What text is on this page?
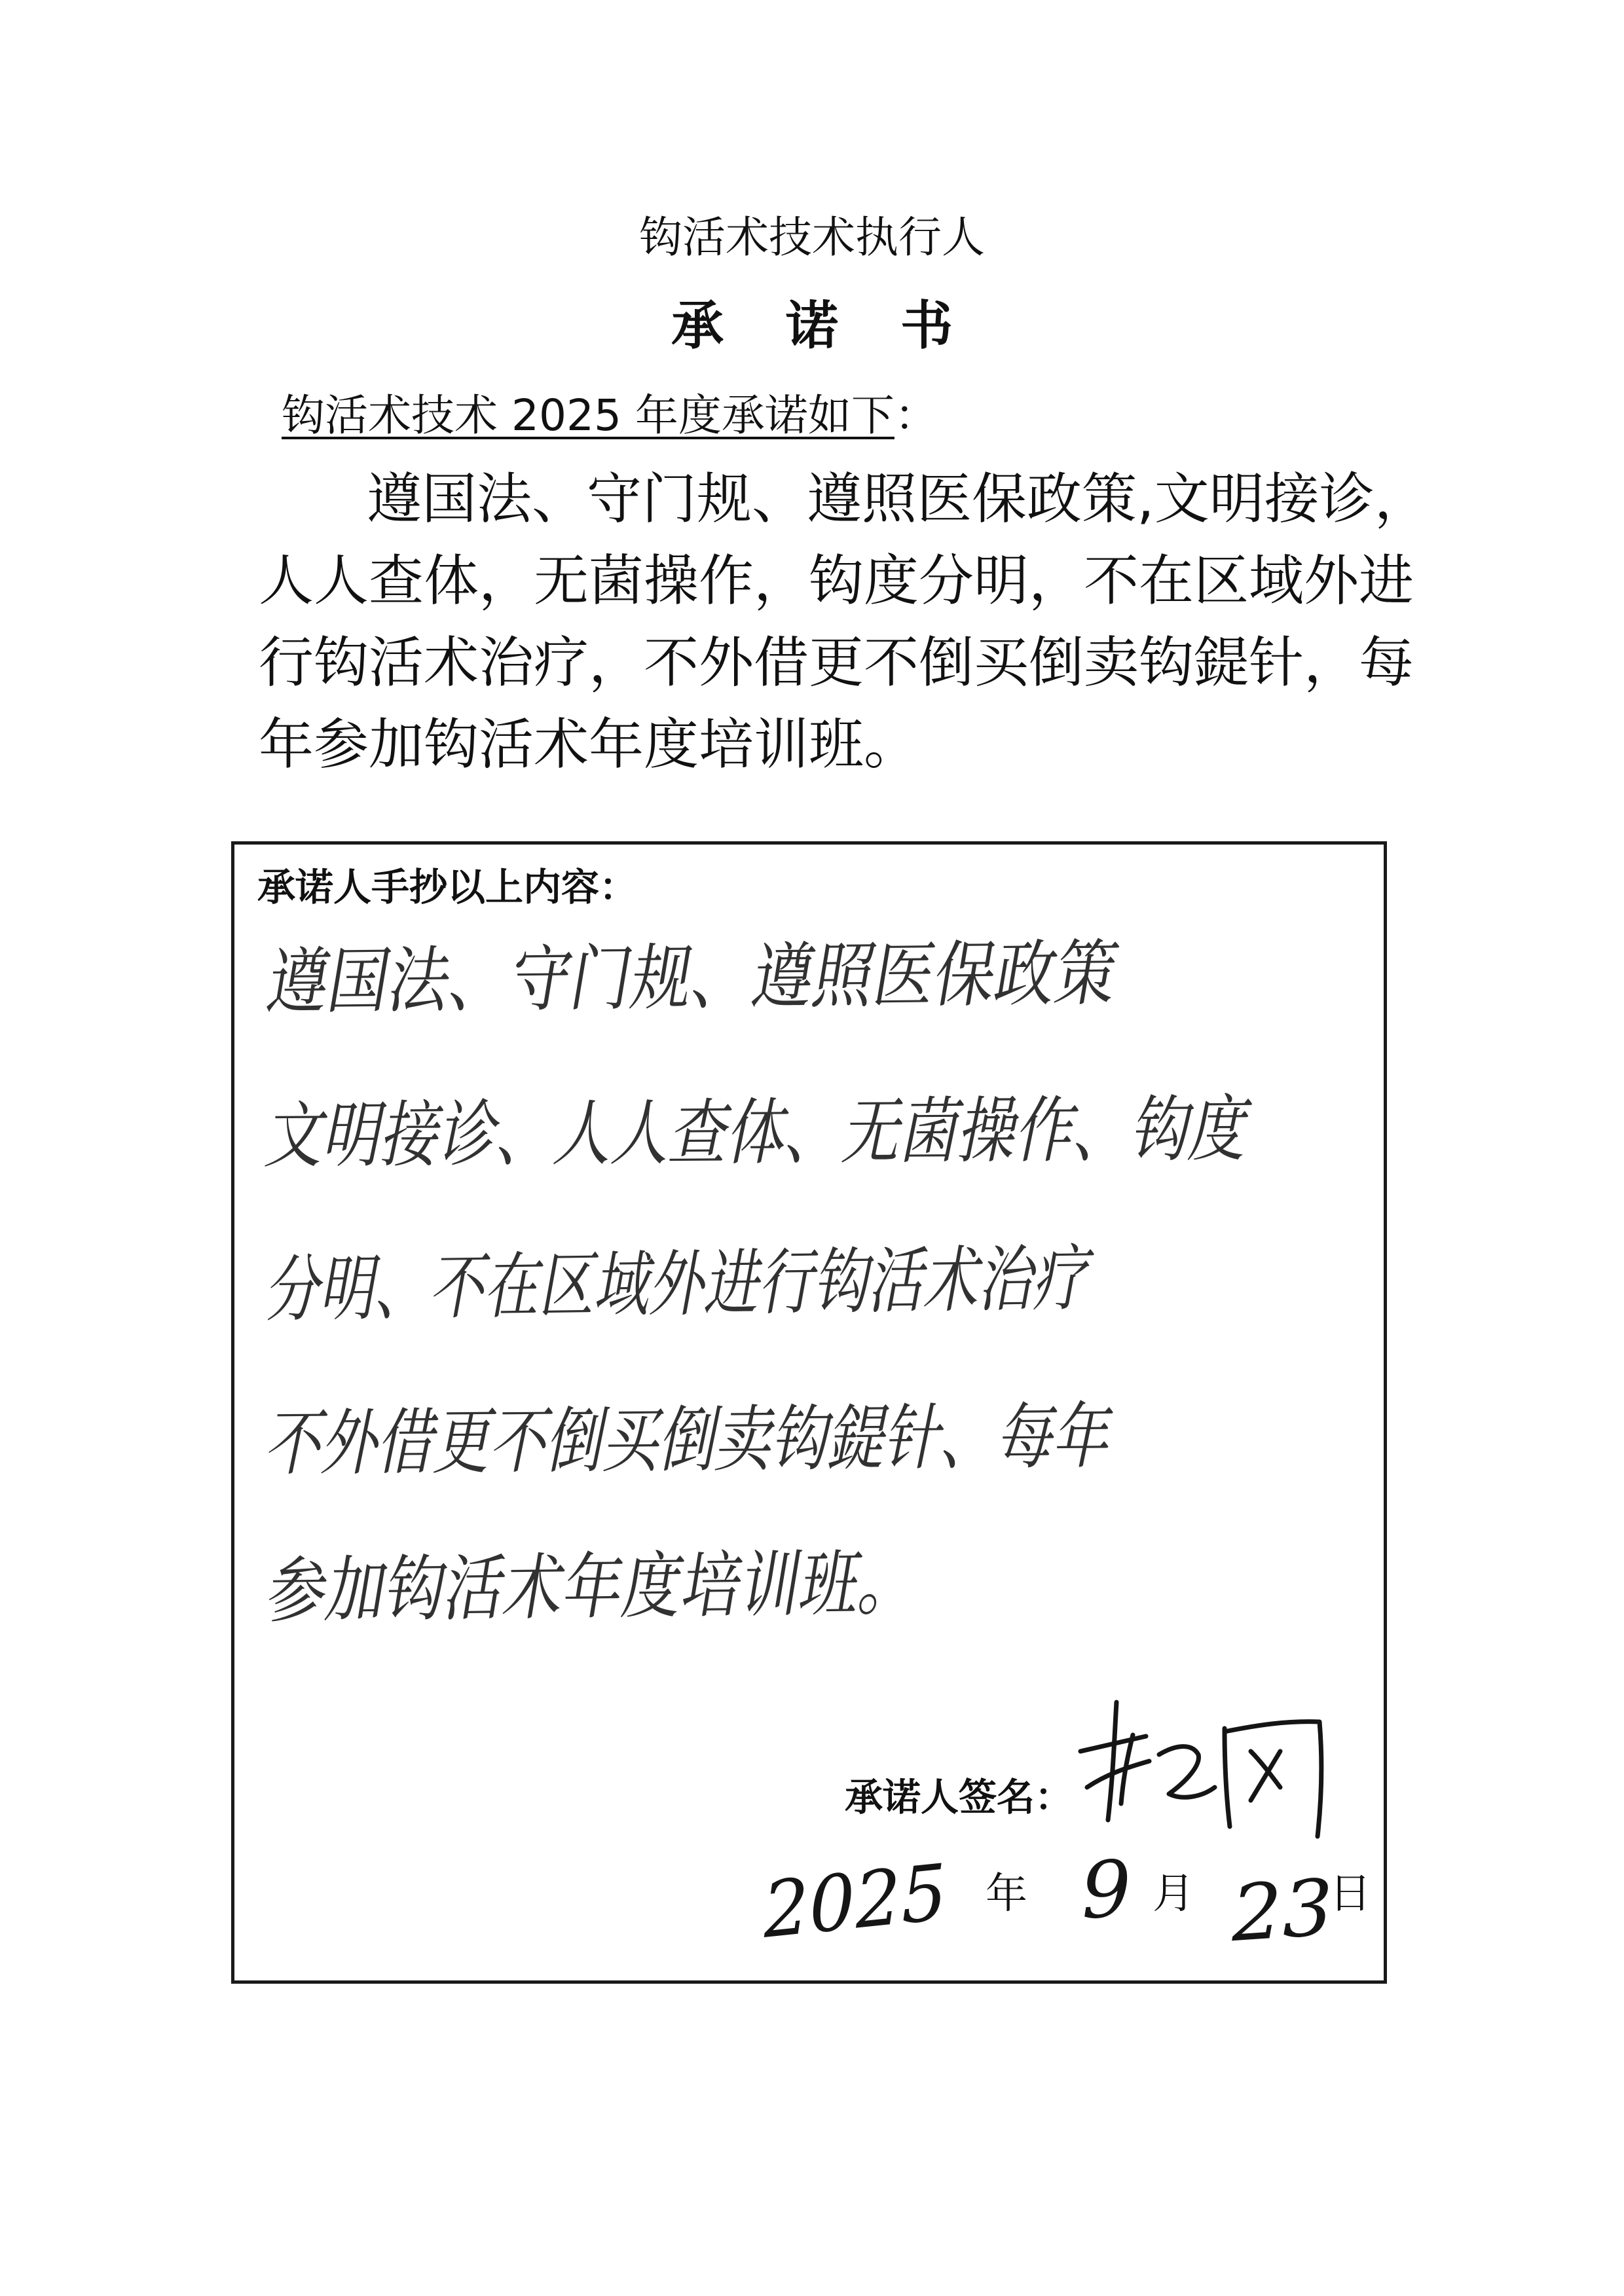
钩活术技术执行人
承诺书
钩活术技术 2025 年度承诺如下：
遵国法、守门规、遵照医保政策,文明接诊，
人人查体，无菌操作，钩度分明，不在区域外进
行钩活术治疗，不外借更不倒买倒卖钩鍉针，每
年参加钩活术年度培训班。
承诺人手抄以上内容：
遵国法、守门规、遵照医保政策
文明接诊、人人查体、无菌操作、钩度
分明、不在区域外进行钩活术治疗
不外借更不倒买倒卖钩鍉针、每年
参加钩活术年度培训班。
承诺人签名：
2025 年 9 月 23
日
